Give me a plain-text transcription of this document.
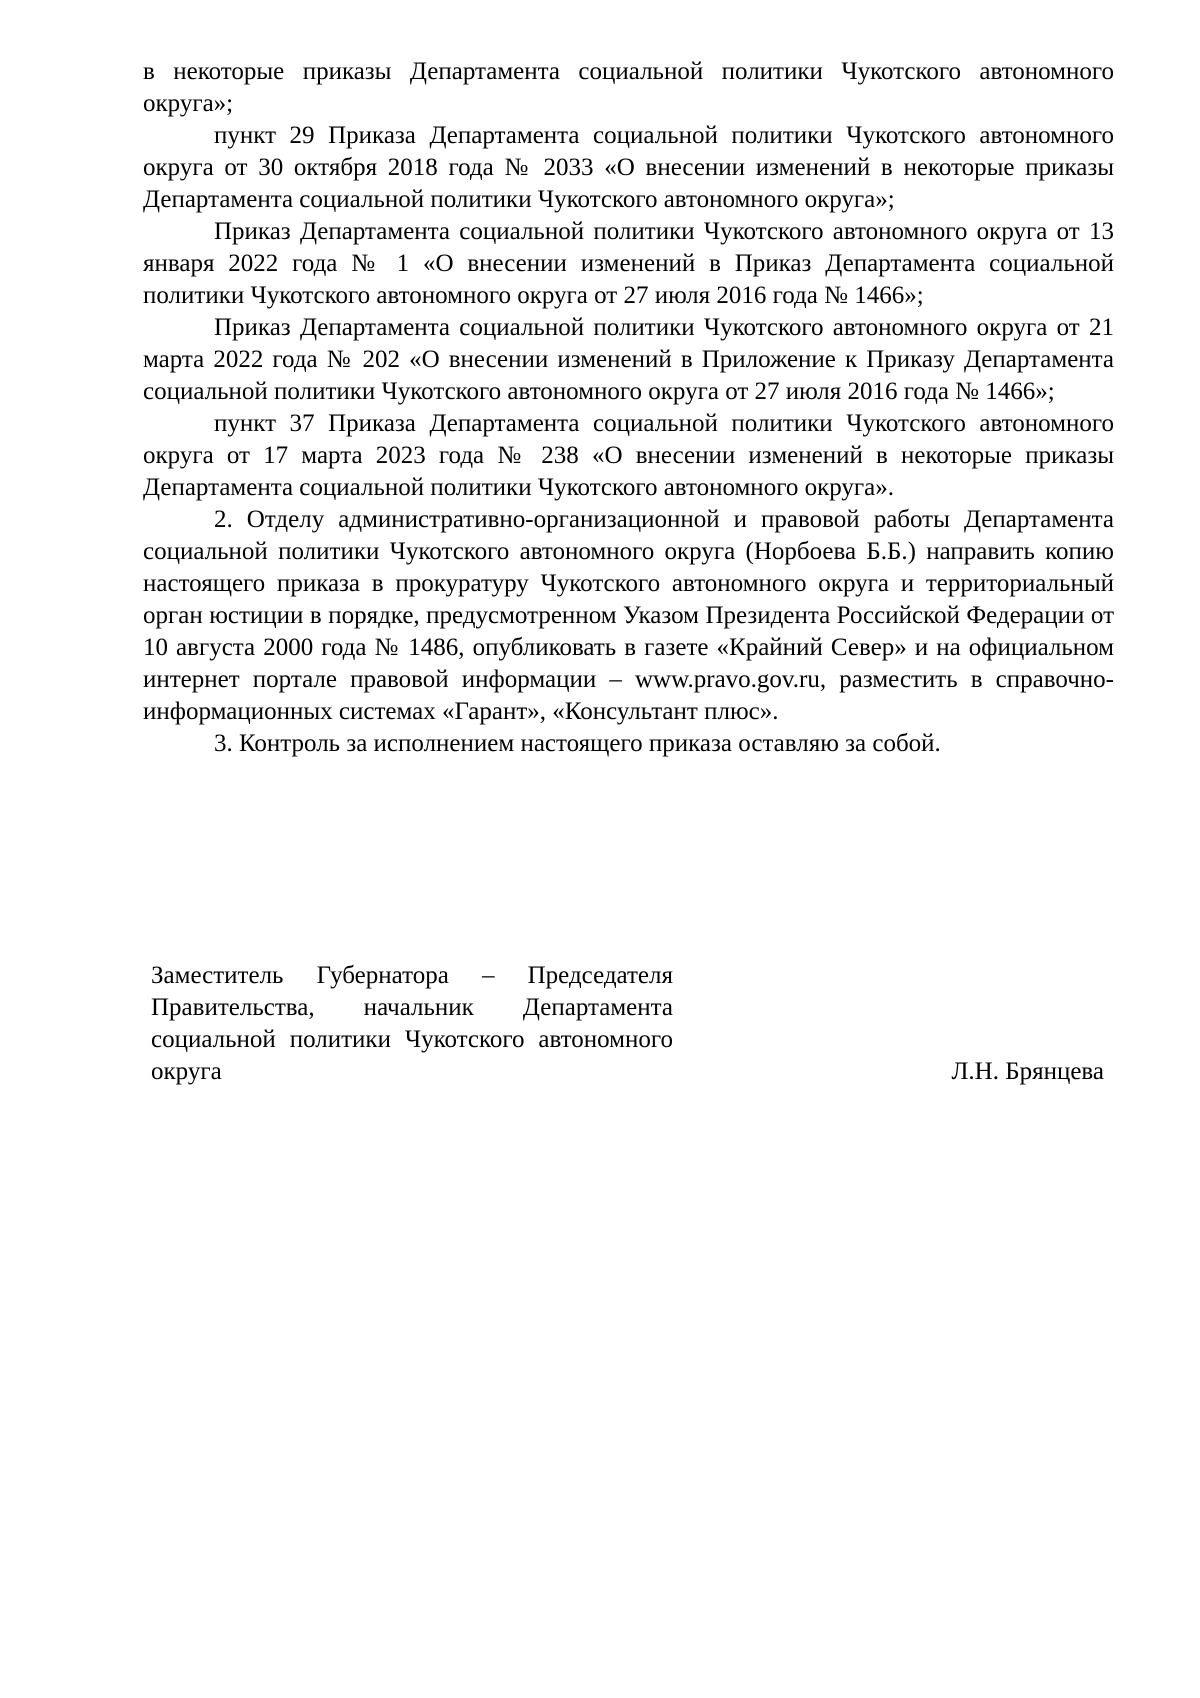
в некоторые приказы Департамента социальной политики Чукотского автономного округа»;

пункт 29 Приказа Департамента социальной политики Чукотского автономного округа от 30 октября 2018 года № 2033 «О внесении изменений в некоторые приказы Департамента социальной политики Чукотского автономного округа»;

Приказ Департамента социальной политики Чукотского автономного округа от 13 января 2022 года № 1 «О внесении изменений в Приказ Департамента социальной политики Чукотского автономного округа от 27 июля 2016 года № 1466»;

Приказ Департамента социальной политики Чукотского автономного округа от 21 марта 2022 года № 202 «О внесении изменений в Приложение к Приказу Департамента социальной политики Чукотского автономного округа от 27 июля 2016 года № 1466»;

пункт 37 Приказа Департамента социальной политики Чукотского автономного округа от 17 марта 2023 года № 238 «О внесении изменений в некоторые приказы Департамента социальной политики Чукотского автономного округа».

2. Отделу административно-организационной и правовой работы Департамента социальной политики Чукотского автономного округа (Норбоева Б.Б.) направить копию настоящего приказа в прокуратуру Чукотского автономного округа и территориальный орган юстиции в порядке, предусмотренном Указом Президента Российской Федерации от 10 августа 2000 года № 1486, опубликовать в газете «Крайний Север» и на официальном интернет портале правовой информации – www.pravo.gov.ru, разместить в справочно-информационных системах «Гарант», «Консультант плюс».

3. Контроль за исполнением настоящего приказа оставляю за собой.

Заместитель Губернатора – Председателя Правительства, начальник Департамента социальной политики Чукотского автономного округа	Л.Н. Брянцева
